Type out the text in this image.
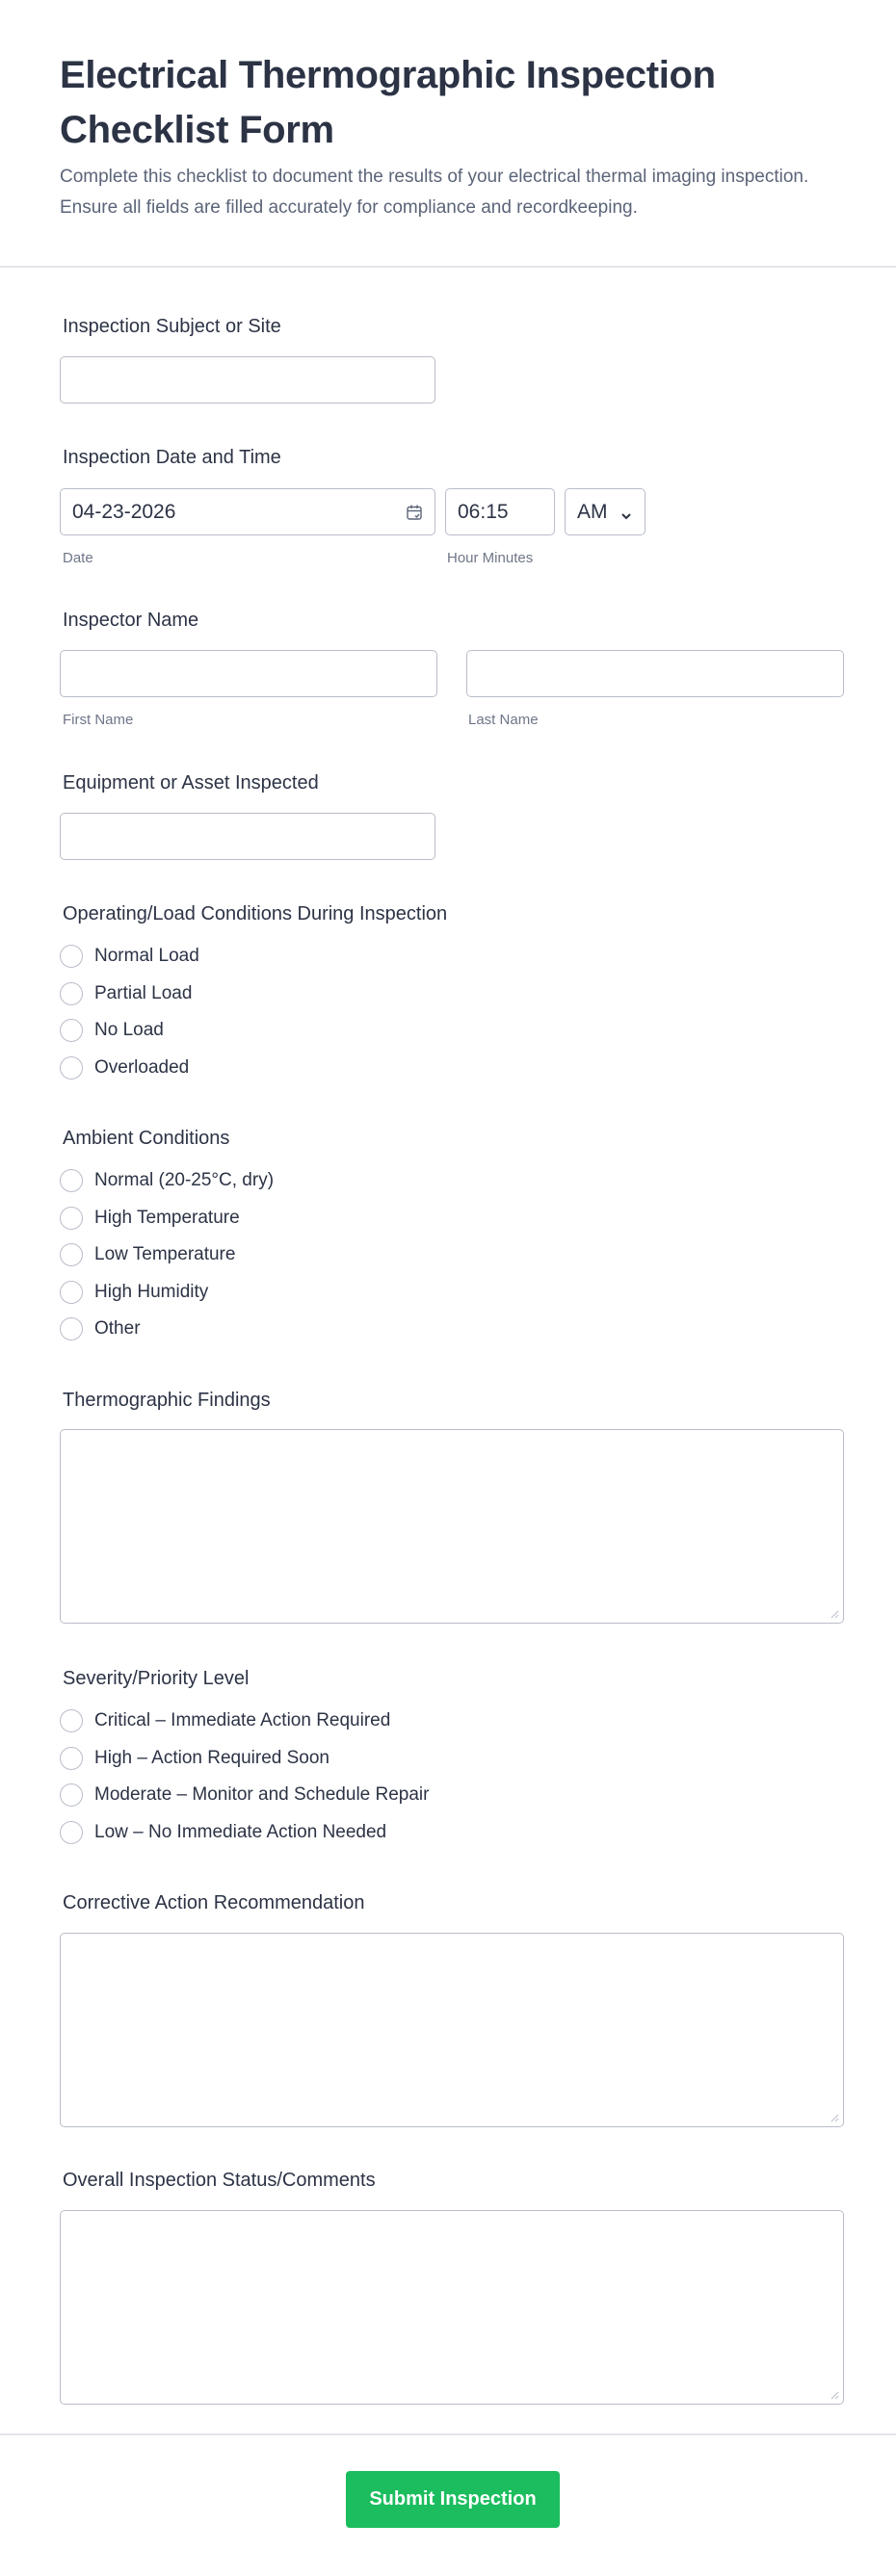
Electrical Thermographic Inspection Checklist Form

Complete this checklist to document the results of your electrical thermal imaging inspection. Ensure all fields are filled accurately for compliance and recordkeeping.

Inspection Subject or Site
Inspection Date and Time
04-23-2026	06:15	AM
Date	Hour Minutes
Inspector Name
First Name	Last Name
Equipment or Asset Inspected
Operating/Load Conditions During Inspection
Normal Load
Partial Load
No Load
Overloaded
Ambient Conditions
Normal (20-25°C, dry)
High Temperature
Low Temperature
High Humidity
Other
Thermographic Findings
Severity/Priority Level
Critical – Immediate Action Required
High – Action Required Soon
Moderate – Monitor and Schedule Repair
Low – No Immediate Action Needed
Corrective Action Recommendation
Overall Inspection Status/Comments
Submit Inspection
